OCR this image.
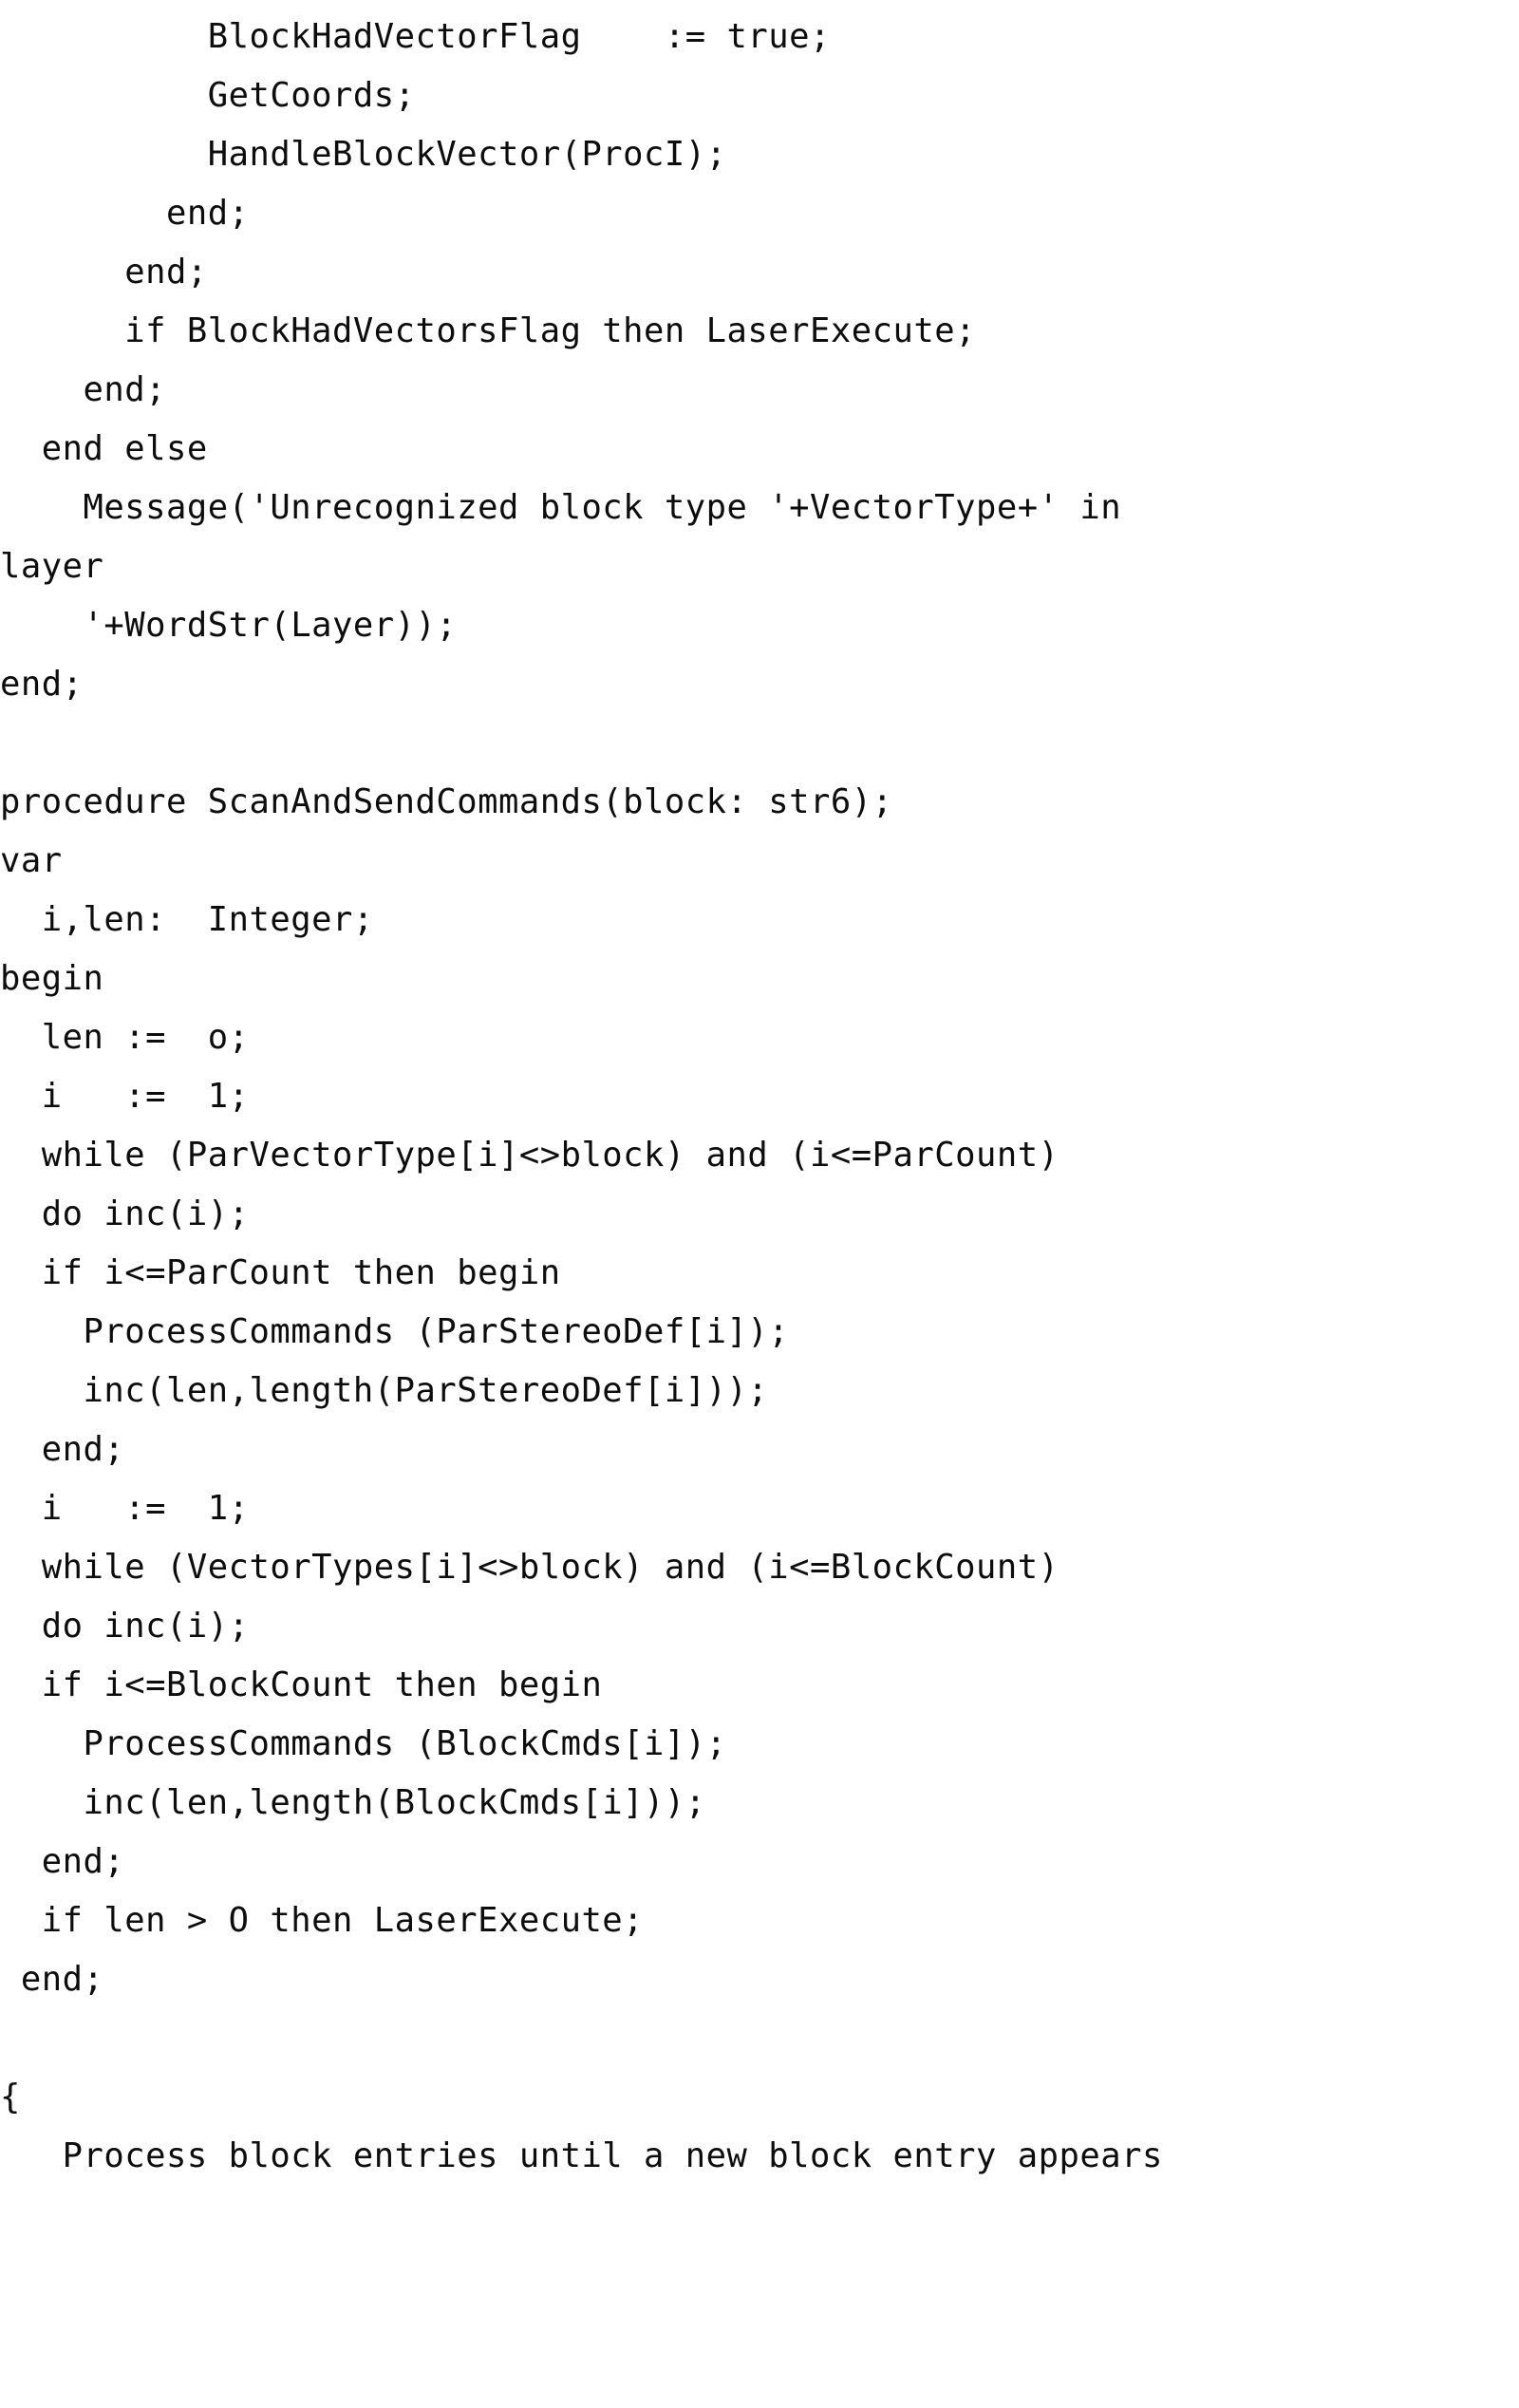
BlockHadVectorFlag    := true;
GetCoords;
HandleBlockVector(ProcI);
end;
end;
if BlockHadVectorsFlag then LaserExecute;
end;
end else
Message('Unrecognized block type '+VectorType+' in
layer
'+WordStr(Layer));
end;
procedure ScanAndSendCommands(block: str6);
var
i,len:  Integer;
begin
len :=  o;
i   :=  1;
while (ParVectorType[i]<>block) and (i<=ParCount)
do inc(i);
if i<=ParCount then begin
ProcessCommands (ParStereoDef[i]);
inc(len,length(ParStereoDef[i]));
end;
i   :=  1;
while (VectorTypes[i]<>block) and (i<=BlockCount)
do inc(i);
if i<=BlockCount then begin
ProcessCommands (BlockCmds[i]);
inc(len,length(BlockCmds[i]));
end;
if len > O then LaserExecute;
end;
{
Process block entries until a new block entry appears
